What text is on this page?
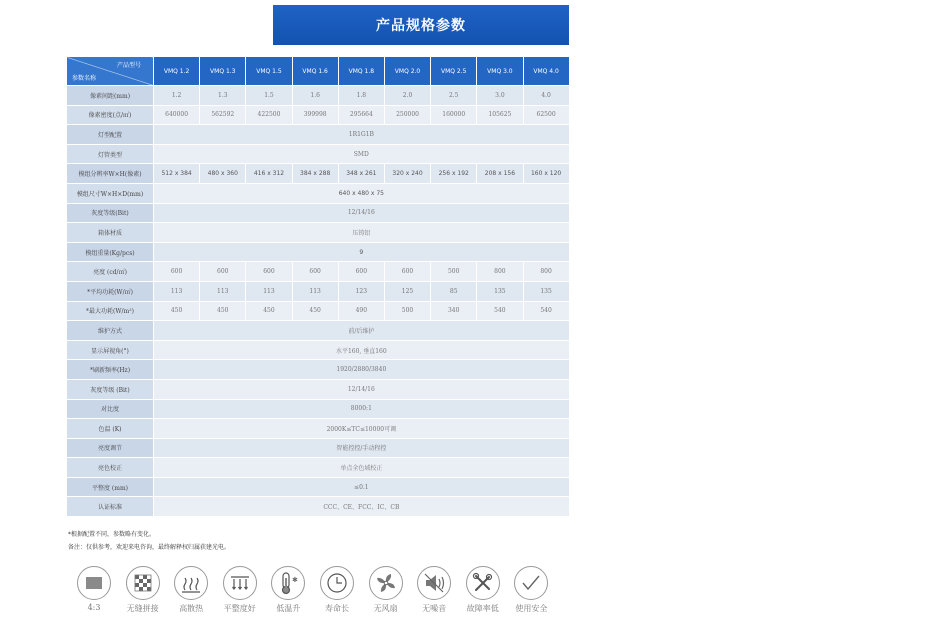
产品规格参数
产品型号
参数名称	VMQ 1.2	VMQ 1.3	VMQ 1.5	VMQ 1.6	VMQ 1.8	VMQ 2.0	VMQ 2.5	VMQ 3.0	VMQ 4.0
像素间距(mm)	1.2	1.3	1.5	1.6	1.8	2.0	2.5	3.0	4.0
像素密度(点/㎡)	640000	562592	422500	399998	295664	250000	160000	105625	62500
灯型配置	1R1G1B								
灯管类型	SMD								
模组分辨率W×H(像素)	512 x 384	480 x 360	416 x 312	384 x 288	348 x 261	320 x 240	256 x 192	208 x 156	160 x 120
模组尺寸W×H×D(mm)	640 x 480 x 75								
灰度等级(Bit)	12/14/16								
箱体材质	压铸铝								
模组重量(Kg/pcs)	9								
亮度 (cd/㎡)	600	600	600	600	600	600	500	800	800
*平均功耗(W/㎡)	113	113	113	113	123	125	85	135	135
*最大功耗(W/m²)	450	450	450	450	490	500	340	540	540
维护方式	前/后维护								
显示屏视角(°)	水平160, 垂直160								
*刷新频率(Hz)	1920/2880/3840								
灰度等级 (Bit)	12/14/16								
对比度	8000:1								
色温 (K)	2000K≤TC≤10000可调								
亮度调节	智能控控/手动程控								
亮色校正	单点全色域校正								
平整度 (mm)	≤0.1								
认证标准	CCC、CE、FCC、IC、CB								
*根据配置不同，参数略有变化。
备注：仅供参考，欢迎来电咨询，最终解释权归属获建光电。
4:3	无缝拼接	高散热	平整度好
✱
低温升	寿命长	无风扇	无噪音	故障率低 使用安全
